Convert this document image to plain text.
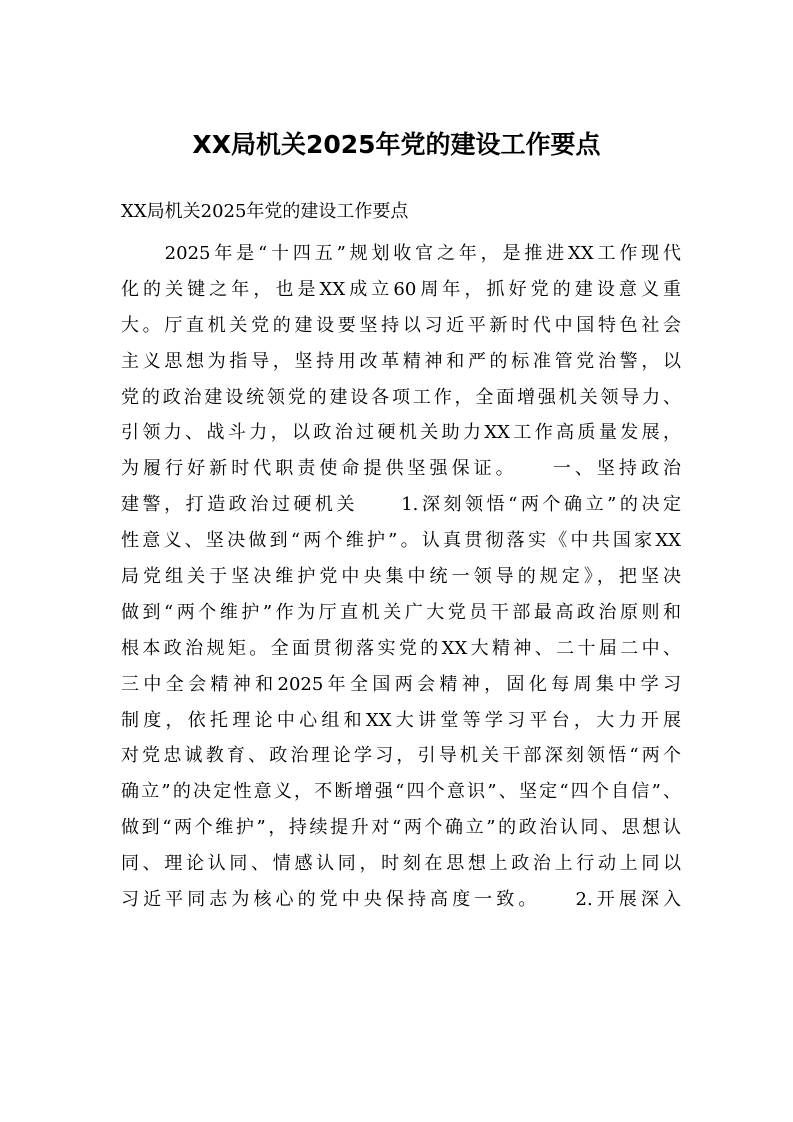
XX局机关2025年党的建设工作要点

XX局机关2025年党的建设工作要点

　　2025年是“十四五”规划收官之年，是推进XX工作现代
化的关键之年，也是XX成立60周年，抓好党的建设意义重
大。厅直机关党的建设要坚持以习近平新时代中国特色社会
主义思想为指导，坚持用改革精神和严的标准管党治警，以
党的政治建设统领党的建设各项工作，全面增强机关领导力、
引领力、战斗力，以政治过硬机关助力XX工作高质量发展，
为履行好新时代职责使命提供坚强保证。　　一、坚持政治
建警，打造政治过硬机关　　1.深刻领悟“两个确立”的决定
性意义、坚决做到“两个维护”。认真贯彻落实《中共国家XX
局党组关于坚决维护党中央集中统一领导的规定》，把坚决
做到“两个维护”作为厅直机关广大党员干部最高政治原则和
根本政治规矩。全面贯彻落实党的XX大精神、二十届二中、
三中全会精神和2025年全国两会精神，固化每周集中学习
制度，依托理论中心组和XX大讲堂等学习平台，大力开展
对党忠诚教育、政治理论学习，引导机关干部深刻领悟“两个
确立”的决定性意义，不断增强“四个意识”、坚定“四个自信”、
做到“两个维护”，持续提升对“两个确立”的政治认同、思想认
同、理论认同、情感认同，时刻在思想上政治上行动上同以
习近平同志为核心的党中央保持高度一致。　　2.开展深入
